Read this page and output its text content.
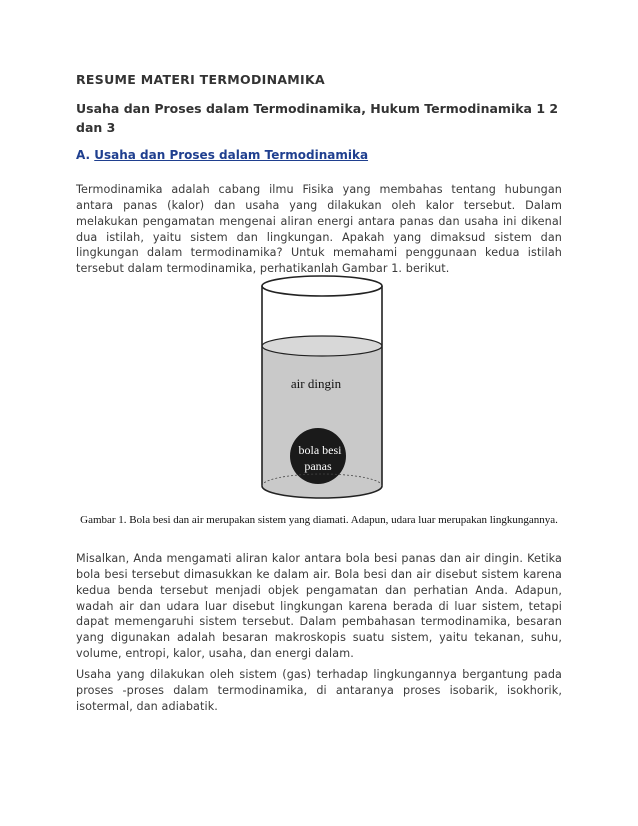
RESUME MATERI TERMODINAMIKA
Usaha dan Proses dalam Termodinamika, Hukum Termodinamika 1 2 dan 3
A. Usaha dan Proses dalam Termodinamika

Termodinamika adalah cabang ilmu Fisika yang membahas tentang hubungan antara panas (kalor) dan usaha yang dilakukan oleh kalor tersebut. Dalam melakukan pengamatan mengenai aliran energi antara panas dan usaha ini dikenal dua istilah, yaitu sistem dan lingkungan. Apakah yang dimaksud sistem dan lingkungan dalam termodinamika? Untuk memahami penggunaan kedua istilah tersebut dalam termodinamika, perhatikanlah Gambar 1. berikut.

air dingin
bola besi
panas
Gambar 1. Bola besi dan air merupakan sistem yang diamati. Adapun, udara luar merupakan lingkungannya.

Misalkan, Anda mengamati aliran kalor antara bola besi panas dan air dingin. Ketika bola besi tersebut dimasukkan ke dalam air. Bola besi dan air disebut sistem karena kedua benda tersebut menjadi objek pengamatan dan perhatian Anda. Adapun, wadah air dan udara luar disebut lingkungan karena berada di luar sistem, tetapi dapat memengaruhi sistem tersebut. Dalam pembahasan termodinamika, besaran yang digunakan adalah besaran makroskopis suatu sistem, yaitu tekanan, suhu, volume, entropi, kalor, usaha, dan energi dalam.

Usaha yang dilakukan oleh sistem (gas) terhadap lingkungannya bergantung pada proses -proses dalam termodinamika, di antaranya proses isobarik, isokhorik, isotermal, dan adiabatik.
